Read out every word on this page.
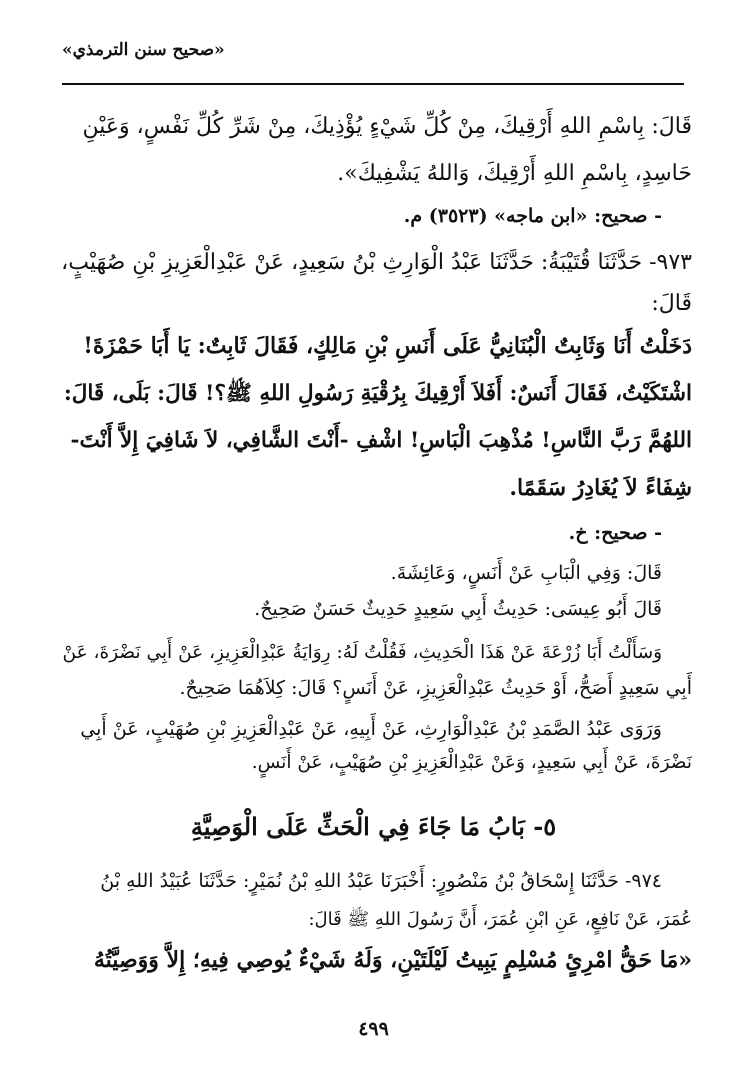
«صحيح سنن الترمذي»
قَالَ: بِاسْمِ اللهِ أَرْقِيكَ، مِنْ كُلِّ شَيْءٍ يُؤْذِيكَ، مِنْ شَرِّ كُلِّ نَفْسٍ، وَعَيْنِ
حَاسِدٍ، بِاسْمِ اللهِ أَرْقِيكَ، وَاللهُ يَشْفِيكَ».
- صحيح: «ابن ماجه» (٣٥٢٣) م.
٩٧٣- حَدَّثَنَا قُتَيْبَةُ: حَدَّثَنَا عَبْدُ الْوَارِثِ بْنُ سَعِيدٍ، عَنْ عَبْدِالْعَزِيزِ بْنِ صُهَيْبٍ،
قَالَ:
دَخَلْتُ أَنَا وَثَابِتٌ الْبُنَانِيُّ عَلَى أَنَسِ بْنِ مَالِكٍ، فَقَالَ ثَابِتٌ: يَا أَبَا حَمْزَةَ!
اشْتَكَيْتُ، فَقَالَ أَنَسٌ: أَفَلاَ أَرْقِيكَ بِرُقْيَةِ رَسُولِ اللهِ ﷺ؟! قَالَ: بَلَى، قَالَ:
اللهُمَّ رَبَّ النَّاسِ! مُذْهِبَ الْبَاسِ! اشْفِ -أَنْتَ الشَّافِي، لاَ شَافِيَ إِلاَّ أَنْتَ-
شِفَاءً لاَ يُغَادِرُ سَقَمًا.
- صحيح: خ.
قَالَ: وَفِي الْبَابِ عَنْ أَنَسٍ، وَعَائِشَةَ.
قَالَ أَبُو عِيسَى: حَدِيثُ أَبِي سَعِيدٍ حَدِيثٌ حَسَنٌ صَحِيحٌ.
وَسَأَلْتُ أَبَا زُرْعَةَ عَنْ هَذَا الْحَدِيثِ، فَقُلْتُ لَهُ: رِوَايَةُ عَبْدِالْعَزِيزِ، عَنْ أَبِي نَضْرَةَ، عَنْ
أَبِي سَعِيدٍ أَصَحُّ، أَوْ حَدِيثُ عَبْدِالْعَزِيزِ، عَنْ أَنَسٍ؟ قَالَ: كِلاَهُمَا صَحِيحٌ.
وَرَوَى عَبْدُ الصَّمَدِ بْنُ عَبْدِالْوَارِثِ، عَنْ أَبِيهِ، عَنْ عَبْدِالْعَزِيزِ بْنِ صُهَيْبٍ، عَنْ أَبِي
نَضْرَةَ، عَنْ أَبِي سَعِيدٍ، وَعَنْ عَبْدِالْعَزِيزِ بْنِ صُهَيْبٍ، عَنْ أَنَسٍ.
٥- بَابُ مَا جَاءَ فِي الْحَثِّ عَلَى الْوَصِيَّةِ
٩٧٤- حَدَّثَنَا إِسْحَاقُ بْنُ مَنْصُورٍ: أَخْبَرَنَا عَبْدُ اللهِ بْنُ نُمَيْرٍ: حَدَّثَنَا عُبَيْدُ اللهِ بْنُ
عُمَرَ، عَنْ نَافِعٍ، عَنِ ابْنِ عُمَرَ، أَنَّ رَسُولَ اللهِ ﷺ قَالَ:
«مَا حَقُّ امْرِئٍ مُسْلِمٍ يَبِيتُ لَيْلَتَيْنِ، وَلَهُ شَيْءٌ يُوصِي فِيهِ؛ إِلاَّ وَوَصِيَّتُهُ
٤٩٩
